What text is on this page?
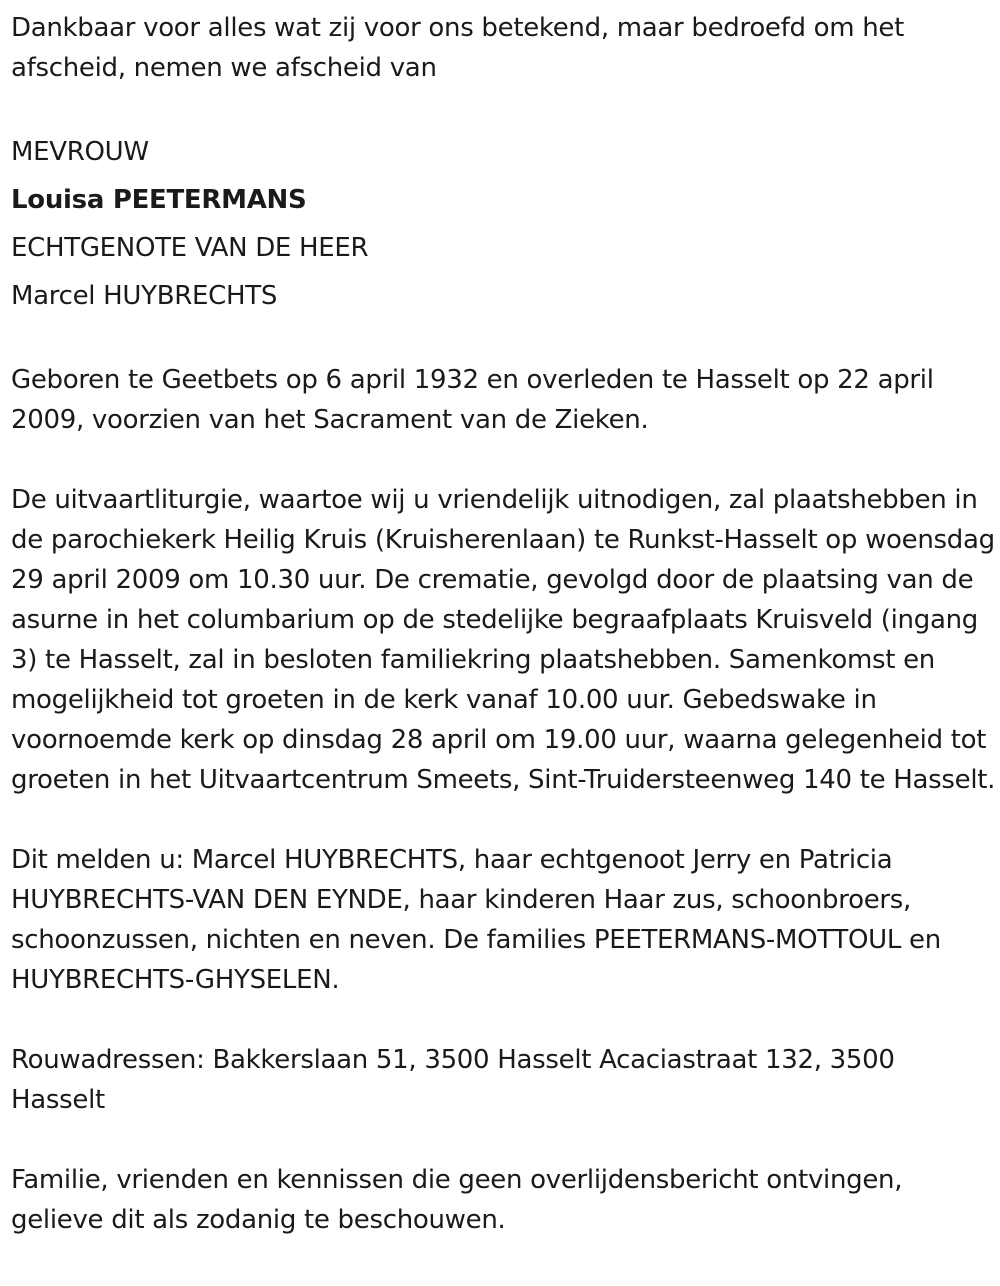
Dankbaar voor alles wat zij voor ons betekend, maar bedroefd om het afscheid, nemen we afscheid van

MEVROUW

Louisa PEETERMANS

ECHTGENOTE VAN DE HEER

Marcel HUYBRECHTS

Geboren te Geetbets op 6 april 1932 en overleden te Hasselt op 22 april 2009, voorzien van het Sacrament van de Zieken.

De uitvaartliturgie, waartoe wij u vriendelijk uitnodigen, zal plaatshebben in de parochiekerk Heilig Kruis (Kruisherenlaan) te Runkst-Hasselt op woensdag 29 april 2009 om 10.30 uur. De crematie, gevolgd door de plaatsing van de asurne in het columbarium op de stedelijke begraafplaats Kruisveld (ingang 3) te Hasselt, zal in besloten familiekring plaatshebben. Samenkomst en mogelijkheid tot groeten in de kerk vanaf 10.00 uur. Gebedswake in voornoemde kerk op dinsdag 28 april om 19.00 uur, waarna gelegenheid tot groeten in het Uitvaartcentrum Smeets, Sint-Truidersteenweg 140 te Hasselt.

Dit melden u: Marcel HUYBRECHTS, haar echtgenoot Jerry en Patricia HUYBRECHTS-VAN DEN EYNDE, haar kinderen Haar zus, schoonbroers, schoonzussen, nichten en neven. De families PEETERMANS-MOTTOUL en HUYBRECHTS-GHYSELEN.

Rouwadressen: Bakkerslaan 51, 3500 Hasselt Acaciastraat 132, 3500 Hasselt

Familie, vrienden en kennissen die geen overlijdensbericht ontvingen, gelieve dit als zodanig te beschouwen.
